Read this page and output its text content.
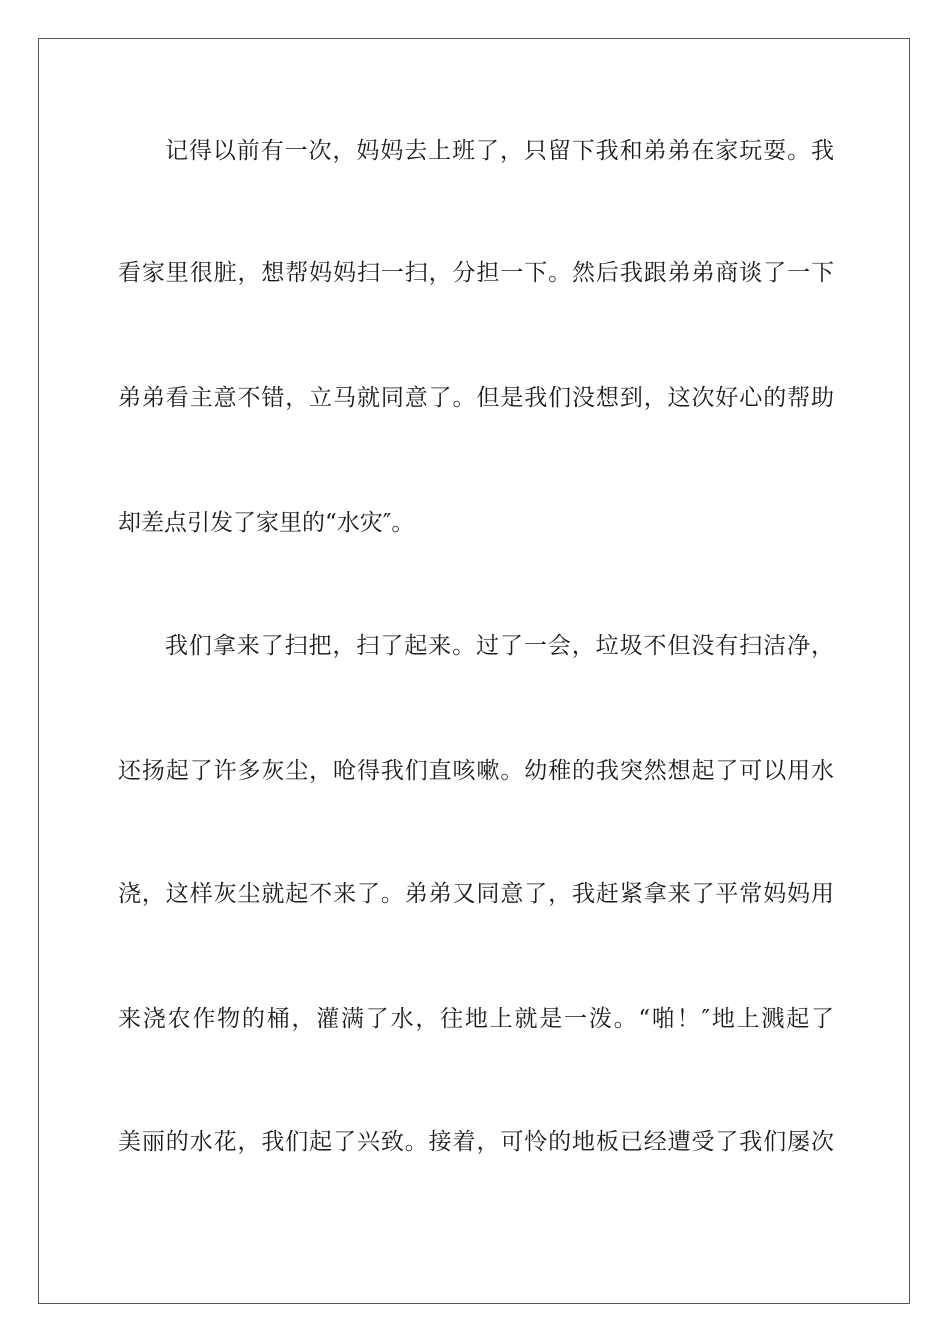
记得以前有一次，妈妈去上班了，只留下我和弟弟在家玩耍。我
看家里很脏，想帮妈妈扫一扫，分担一下。然后我跟弟弟商谈了一下
弟弟看主意不错，立马就同意了。但是我们没想到，这次好心的帮助
却差点引发了家里的“水灾″。
我们拿来了扫把，扫了起来。过了一会，垃圾不但没有扫洁净，
还扬起了许多灰尘，呛得我们直咳嗽。幼稚的我突然想起了可以用水
浇，这样灰尘就起不来了。弟弟又同意了，我赶紧拿来了平常妈妈用
来浇农作物的桶，灌满了水，往地上就是一泼。“啪！″地上溅起了
美丽的水花，我们起了兴致。接着，可怜的地板已经遭受了我们屡次
